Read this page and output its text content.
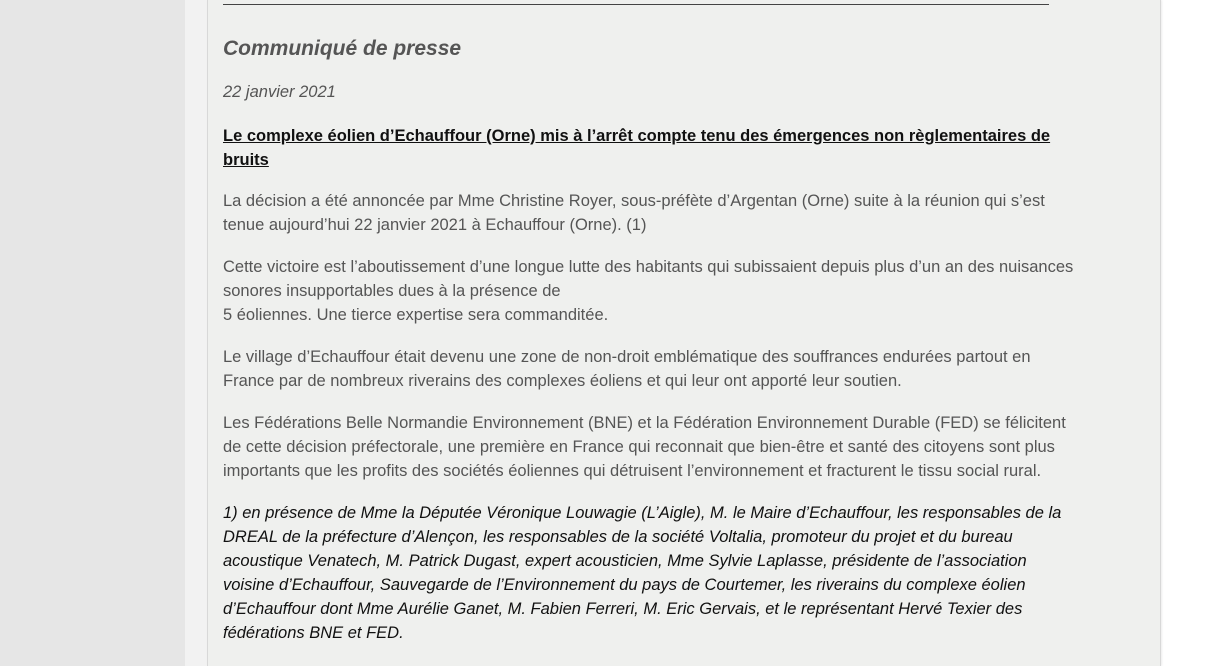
Communiqué de presse
22 janvier 2021
Le complexe éolien d’Echauffour (Orne) mis à l’arrêt compte tenu des émergences non règlementaires de
bruits
La décision a été annoncée par Mme Christine Royer, sous-préfète d’Argentan (Orne) suite à la réunion qui s’est
tenue aujourd’hui 22 janvier 2021 à Echauffour (Orne). (1)
Cette victoire est l’aboutissement d’une longue lutte des habitants qui subissaient depuis plus d’un an des nuisances
sonores insupportables dues à la présence de
5 éoliennes. Une tierce expertise sera commanditée.
Le village d’Echauffour était devenu une zone de non-droit emblématique des souffrances endurées partout en
France par de nombreux riverains des complexes éoliens et qui leur ont apporté leur soutien.
Les Fédérations Belle Normandie Environnement (BNE) et la Fédération Environnement Durable (FED) se félicitent
de cette décision préfectorale, une première en France qui reconnait que bien-être et santé des citoyens sont plus
importants que les profits des sociétés éoliennes qui détruisent l’environnement et fracturent le tissu social rural.
1) en présence de Mme la Députée Véronique Louwagie (L’Aigle), M. le Maire d’Echauffour, les responsables de la
DREAL de la préfecture d’Alençon, les responsables de la société Voltalia, promoteur du projet et du bureau
acoustique Venatech, M. Patrick Dugast, expert acousticien, Mme Sylvie Laplasse, présidente de l’association
voisine d’Echauffour, Sauvegarde de l’Environnement du pays de Courtemer, les riverains du complexe éolien
d’Echauffour dont Mme Aurélie Ganet, M. Fabien Ferreri, M. Eric Gervais, et le représentant Hervé Texier des
fédérations BNE et FED.
